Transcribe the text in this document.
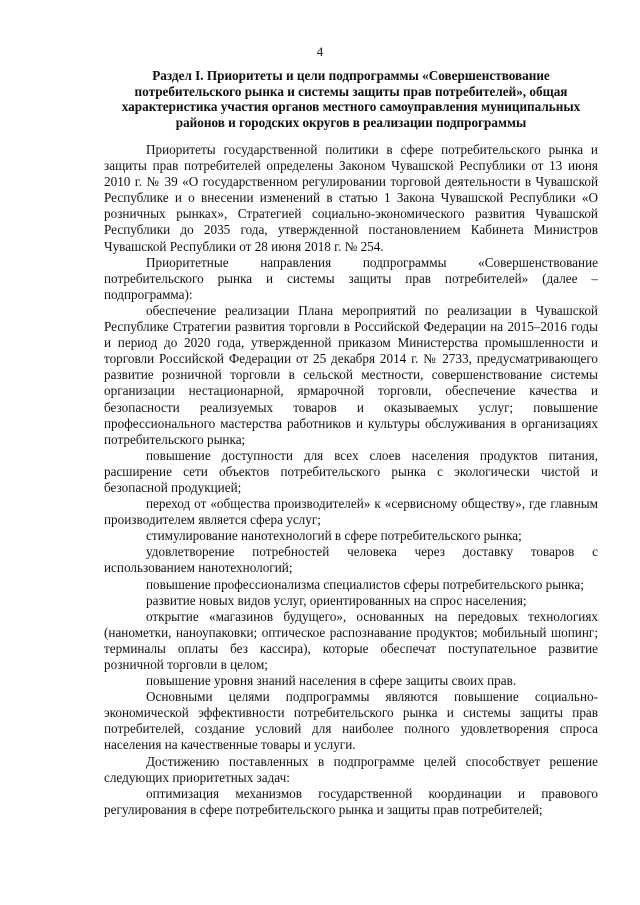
4
Раздел I. Приоритеты и цели подпрограммы «Совершенствование потребительского рынка и системы защиты прав потребителей», общая характеристика участия органов местного самоуправления муниципальных районов и городских округов в реализации подпрограммы

Приоритеты государственной политики в сфере потребительского рынка и защиты прав потребителей определены Законом Чувашской Республики от 13 июня 2010 г. № 39 «О государственном регулировании торговой деятельности в Чувашской Республике и о внесении изменений в статью 1 Закона Чувашской Республики «О розничных рынках», Стратегией социально-экономического развития Чувашской Республики до 2035 года, утвержденной постановлением Кабинета Министров Чувашской Республики от 28 июня 2018 г. № 254.

Приоритетные направления подпрограммы «Совершенствование потребительского рынка и системы защиты прав потребителей» (далее – подпрограмма):

обеспечение реализации Плана мероприятий по реализации в Чувашской Республике Стратегии развития торговли в Российской Федерации на 2015–2016 годы и период до 2020 года, утвержденной приказом Министерства промышленности и торговли Российской Федерации от 25 декабря 2014 г. № 2733, предусматривающего развитие розничной торговли в сельской местности, совершенствование системы организации нестационарной, ярмарочной торговли, обеспечение качества и безопасности реализуемых товаров и оказываемых услуг; повышение профессионального мастерства работников и культуры обслуживания в организациях потребительского рынка;

повышение доступности для всех слоев населения продуктов питания, расширение сети объектов потребительского рынка с экологически чистой и безопасной продукцией;

переход от «общества производителей» к «сервисному обществу», где главным производителем является сфера услуг;

стимулирование нанотехнологий в сфере потребительского рынка;

удовлетворение потребностей человека через доставку товаров с использованием нанотехнологий;

повышение профессионализма специалистов сферы потребительского рынка;

развитие новых видов услуг, ориентированных на спрос населения;

открытие «магазинов будущего», основанных на передовых технологиях (нанометки, наноупаковки; оптическое распознавание продуктов; мобильный шопинг; терминалы оплаты без кассира), которые обеспечат поступательное развитие розничной торговли в целом;

повышение уровня знаний населения в сфере защиты своих прав.

Основными целями подпрограммы являются повышение социально-экономической эффективности потребительского рынка и системы защиты прав потребителей, создание условий для наиболее полного удовлетворения спроса населения на качественные товары и услуги.

Достижению поставленных в подпрограмме целей способствует решение следующих приоритетных задач:

оптимизация механизмов государственной координации и правового регулирования в сфере потребительского рынка и защиты прав потребителей;
